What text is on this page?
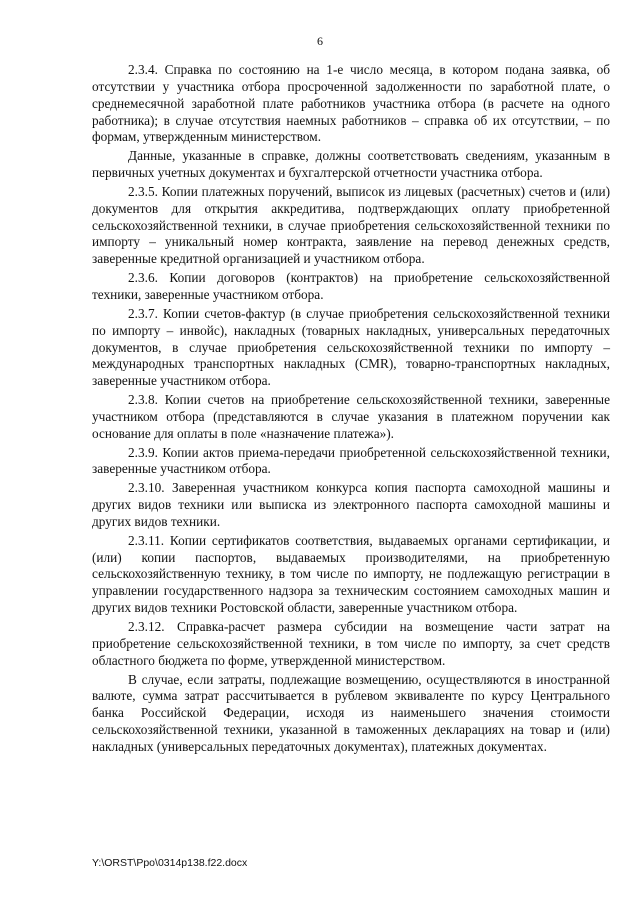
6

2.3.4. Справка по состоянию на 1-е число месяца, в котором подана заявка, об отсутствии у участника отбора просроченной задолженности по заработной плате, о среднемесячной заработной плате работников участника отбора (в расчете на одного работника); в случае отсутствия наемных работников – справка об их отсутствии, – по формам, утвержденным министерством.

Данные, указанные в справке, должны соответствовать сведениям, указанным в первичных учетных документах и бухгалтерской отчетности участника отбора.

2.3.5. Копии платежных поручений, выписок из лицевых (расчетных) счетов и (или) документов для открытия аккредитива, подтверждающих оплату приобретенной сельскохозяйственной техники, в случае приобретения сельскохозяйственной техники по импорту – уникальный номер контракта, заявление на перевод денежных средств, заверенные кредитной организацией и участником отбора.

2.3.6. Копии договоров (контрактов) на приобретение сельскохозяйственной техники, заверенные участником отбора.

2.3.7. Копии счетов-фактур (в случае приобретения сельскохозяйственной техники по импорту – инвойс), накладных (товарных накладных, универсальных передаточных документов, в случае приобретения сельскохозяйственной техники по импорту – международных транспортных накладных (CMR), товарно-транспортных накладных, заверенные участником отбора.

2.3.8. Копии счетов на приобретение сельскохозяйственной техники, заверенные участником отбора (представляются в случае указания в платежном поручении как основание для оплаты в поле «назначение платежа»).

2.3.9. Копии актов приема-передачи приобретенной сельскохозяйственной техники, заверенные участником отбора.

2.3.10. Заверенная участником конкурса копия паспорта самоходной машины и других видов техники или выписка из электронного паспорта самоходной машины и других видов техники.

2.3.11. Копии сертификатов соответствия, выдаваемых органами сертификации, и (или) копии паспортов, выдаваемых производителями, на приобретенную сельскохозяйственную технику, в том числе по импорту, не подлежащую регистрации в управлении государственного надзора за техническим состоянием самоходных машин и других видов техники Ростовской области, заверенные участником отбора.

2.3.12. Справка-расчет размера субсидии на возмещение части затрат на приобретение сельскохозяйственной техники, в том числе по импорту, за счет средств областного бюджета по форме, утвержденной министерством.

В случае, если затраты, подлежащие возмещению, осуществляются в иностранной валюте, сумма затрат рассчитывается в рублевом эквиваленте по курсу Центрального банка Российской Федерации, исходя из наименьшего значения стоимости сельскохозяйственной техники, указанной в таможенных декларациях на товар и (или) накладных (универсальных передаточных документах), платежных документах.

Y:\ORST\Ppo\0314p138.f22.docx
